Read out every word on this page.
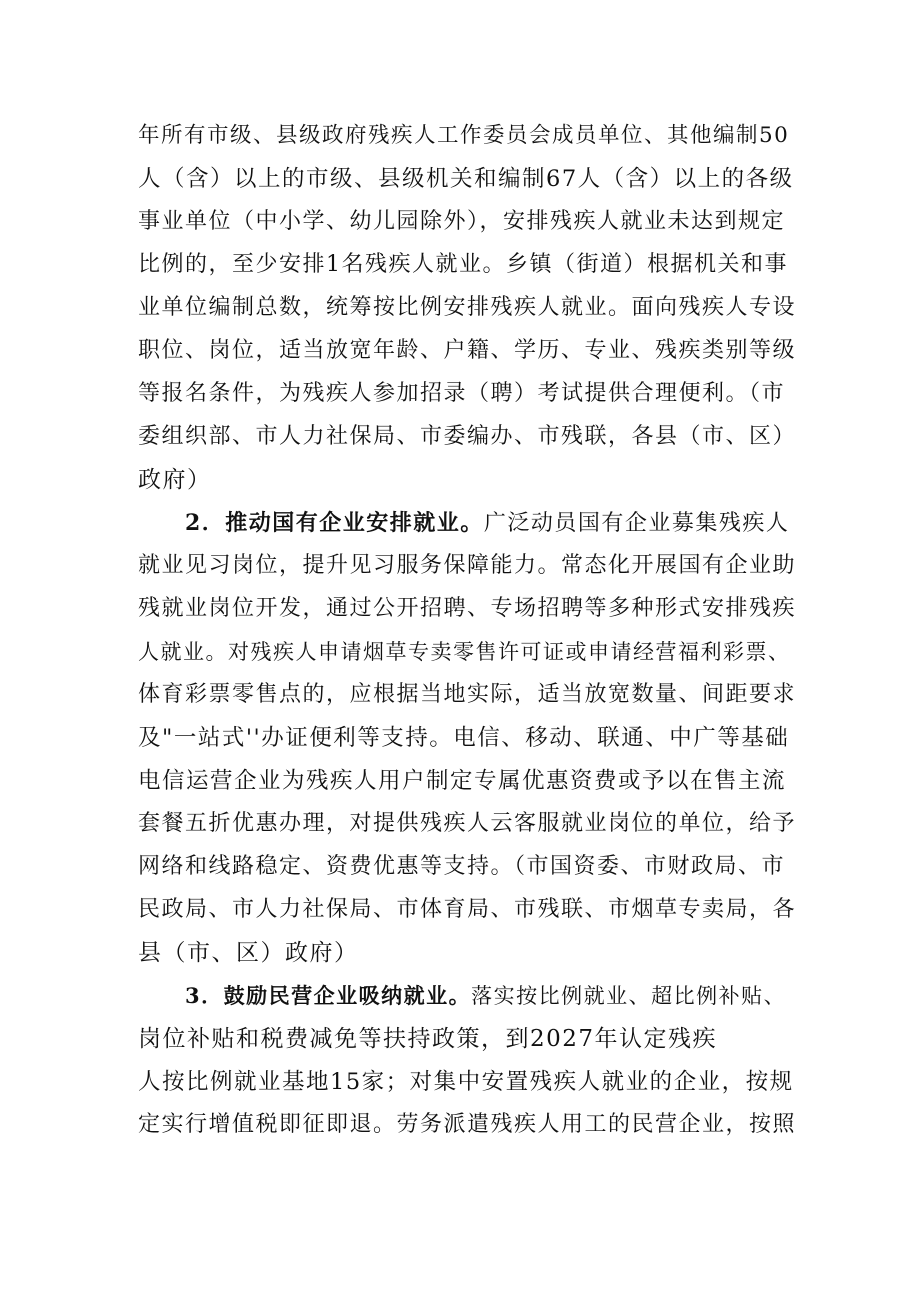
年所有市级、县级政府残疾人工作委员会成员单位、其他编制50
人（含）以上的市级、县级机关和编制67人（含）以上的各级
事业单位（中小学、幼儿园除外），安排残疾人就业未达到规定
比例的，至少安排1名残疾人就业。乡镇（街道）根据机关和事
业单位编制总数，统筹按比例安排残疾人就业。面向残疾人专设
职位、岗位，适当放宽年龄、户籍、学历、专业、残疾类别等级
等报名条件，为残疾人参加招录（聘）考试提供合理便利。（市
委组织部、市人力社保局、市委编办、市残联，各县（市、区）
政府）
2．推动国有企业安排就业。广泛动员国有企业募集残疾人
就业见习岗位，提升见习服务保障能力。常态化开展国有企业助
残就业岗位开发，通过公开招聘、专场招聘等多种形式安排残疾
人就业。对残疾人申请烟草专卖零售许可证或申请经营福利彩票、
体育彩票零售点的，应根据当地实际，适当放宽数量、间距要求
及"一站式''办证便利等支持。电信、移动、联通、中广等基础
电信运营企业为残疾人用户制定专属优惠资费或予以在售主流
套餐五折优惠办理，对提供残疾人云客服就业岗位的单位，给予
网络和线路稳定、资费优惠等支持。（市国资委、市财政局、市
民政局、市人力社保局、市体育局、市残联、市烟草专卖局，各
县（市、区）政府）
3．鼓励民营企业吸纳就业。落实按比例就业、超比例补贴、
岗位补贴和税费减免等扶持政策，到2027年认定残疾
人按比例就业基地15家；对集中安置残疾人就业的企业，按规
定实行增值税即征即退。劳务派遣残疾人用工的民营企业，按照
